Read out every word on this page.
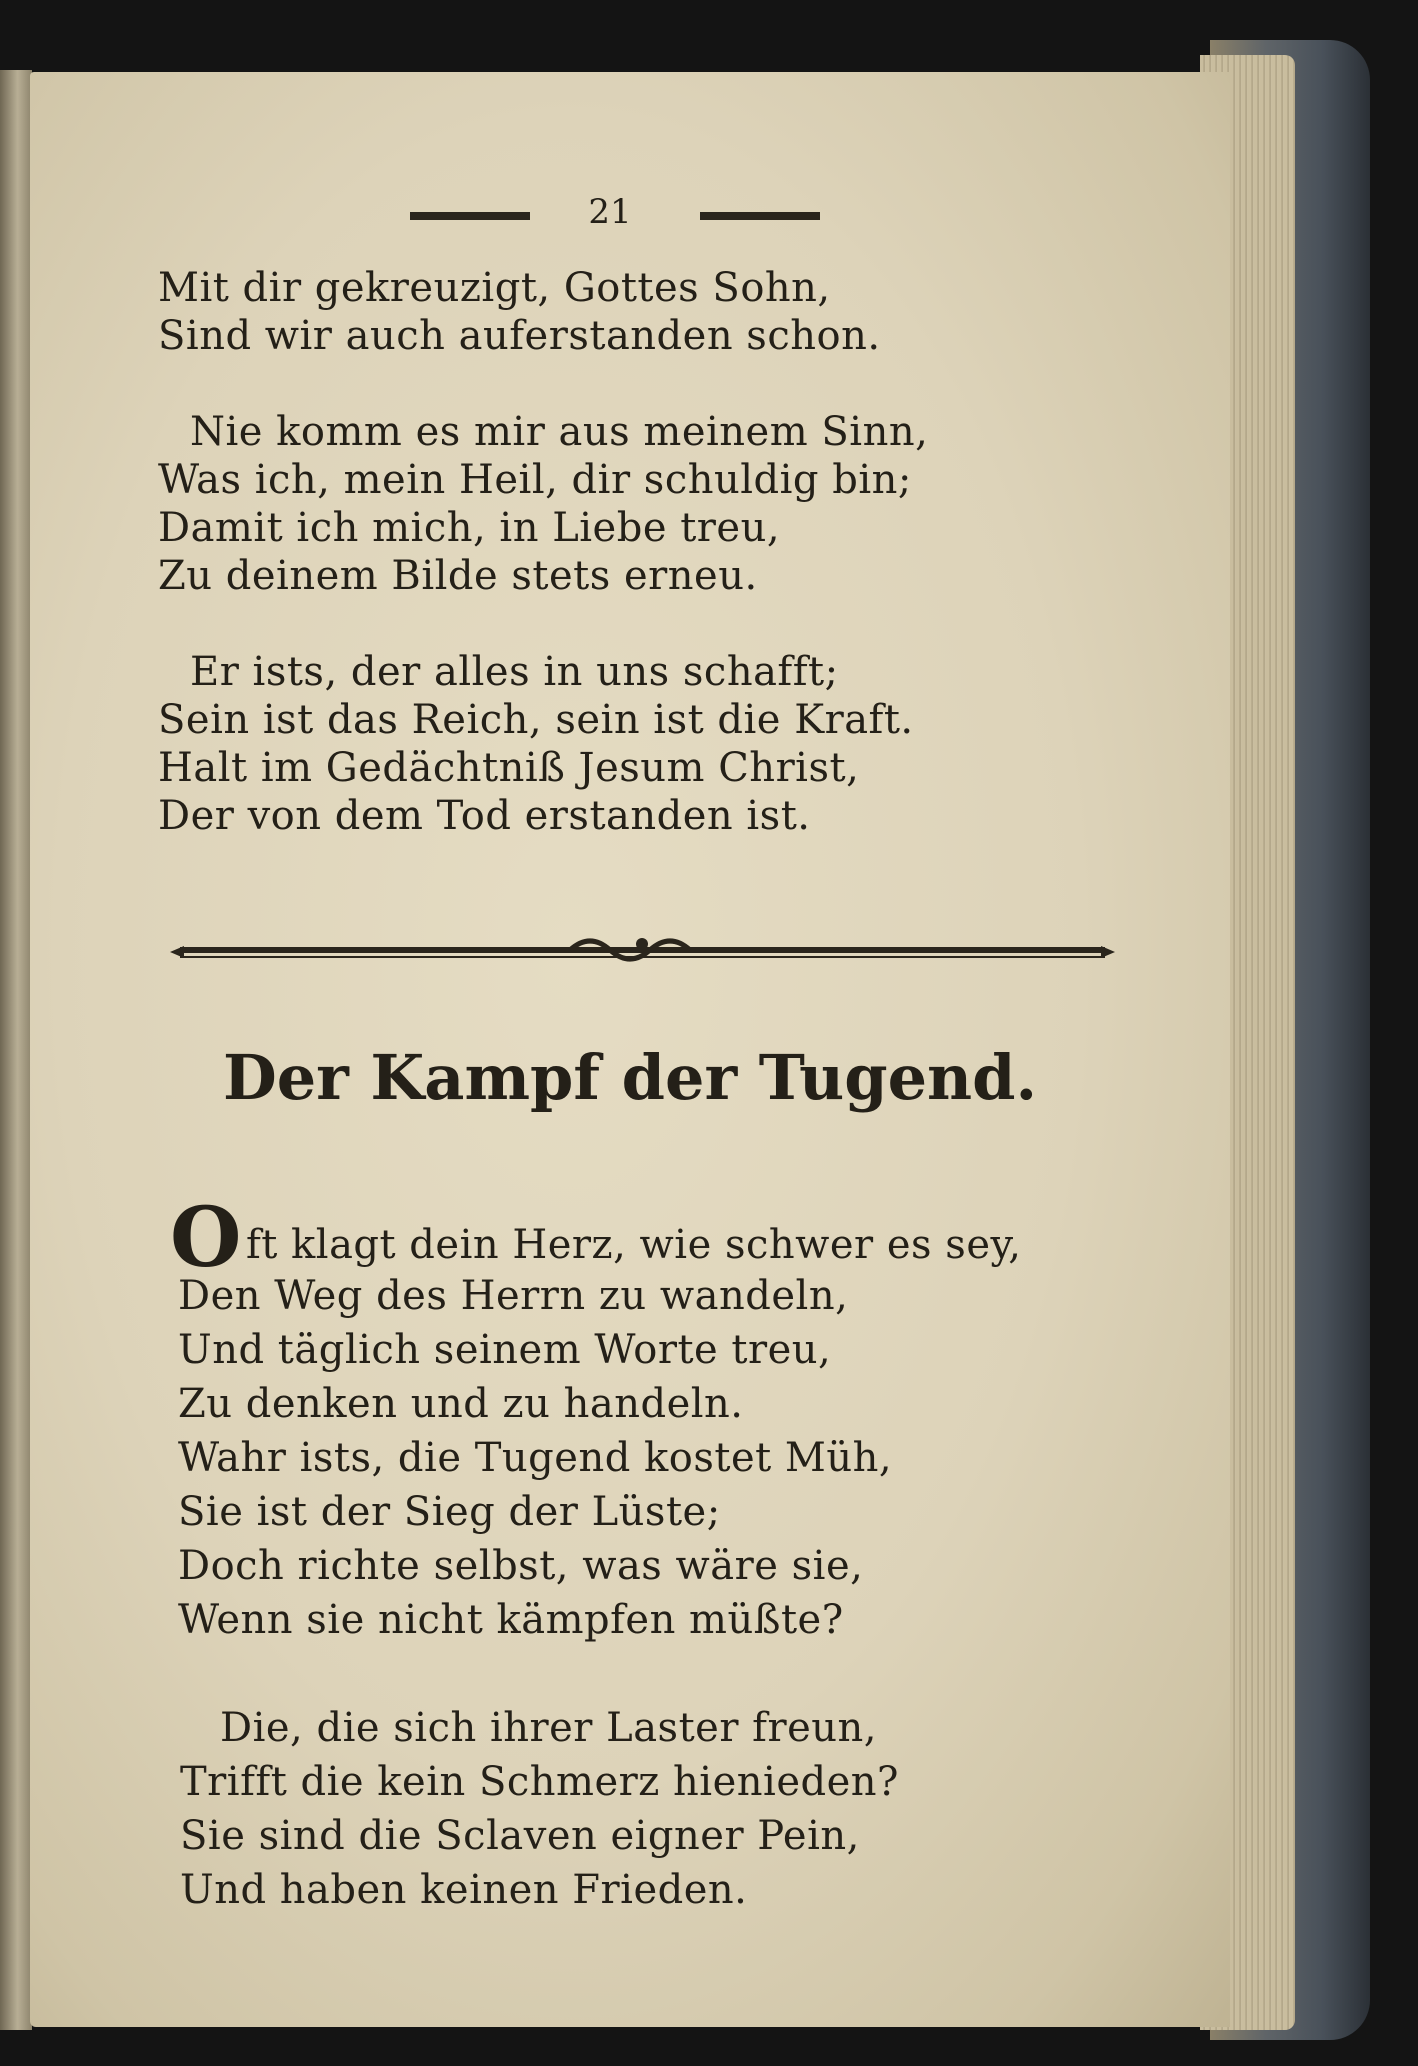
21
Mit dir gekreuzigt, Gottes Sohn,
Sind wir auch auferstanden schon.
Nie komm es mir aus meinem Sinn,
Was ich, mein Heil, dir schuldig bin;
Damit ich mich, in Liebe treu,
Zu deinem Bilde stets erneu.
Er ists, der alles in uns schafft;
Sein ist das Reich, sein ist die Kraft.
Halt im Gedächtniß Jesum Christ,
Der von dem Tod erstanden ist.
Der Kampf der Tugend.
Oft klagt dein Herz, wie schwer es sey,
Den Weg des Herrn zu wandeln,
Und täglich seinem Worte treu,
Zu denken und zu handeln.
Wahr ists, die Tugend kostet Müh,
Sie ist der Sieg der Lüste;
Doch richte selbst, was wäre sie,
Wenn sie nicht kämpfen müßte?
Die, die sich ihrer Laster freun,
Trifft die kein Schmerz hienieden?
Sie sind die Sclaven eigner Pein,
Und haben keinen Frieden.
